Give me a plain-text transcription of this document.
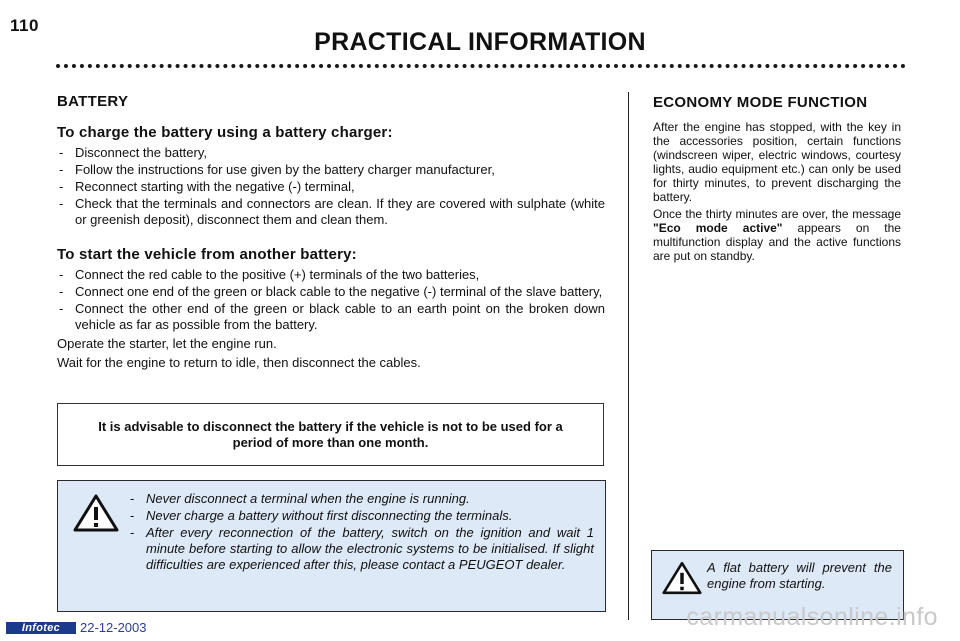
110
PRACTICAL INFORMATION
BATTERY
To charge the battery using a battery charger:
- Disconnect the battery,
- Follow the instructions for use given by the battery charger manufacturer,
- Reconnect starting with the negative (-) terminal,
- Check that the terminals and connectors are clean. If they are covered with sulphate (white or greenish deposit), disconnect them and clean them.
To start the vehicle from another battery:
- Connect the red cable to the positive (+) terminals of the two batteries,
- Connect one end of the green or black cable to the negative (-) terminal of the slave battery,
- Connect the other end of the green or black cable to an earth point on the broken down vehicle as far as possible from the battery.

Operate the starter, let the engine run.

Wait for the engine to return to idle, then disconnect the cables.

ECONOMY MODE FUNCTION

After the engine has stopped, with the key in the accessories position, certain functions (windscreen wiper, electric windows, courtesy lights, audio equipment etc.) can only be used for thirty minutes, to prevent discharging the battery.

Once the thirty minutes are over, the message "Eco mode active" appears on the multifunction display and the active functions are put on standby.

It is advisable to disconnect the battery if the vehicle is not to be used for a period of more than one month.

- Never disconnect a terminal when the engine is running.
- Never charge a battery without first disconnecting the terminals.
- After every reconnection of the battery, switch on the ignition and wait 1 minute before starting to allow the electronic systems to be initialised. If slight difficulties are experienced after this, please contact a PEUGEOT dealer.	A flat battery will prevent the engine from starting.

Infotec	22-12-2003	carmanualsonline.info
